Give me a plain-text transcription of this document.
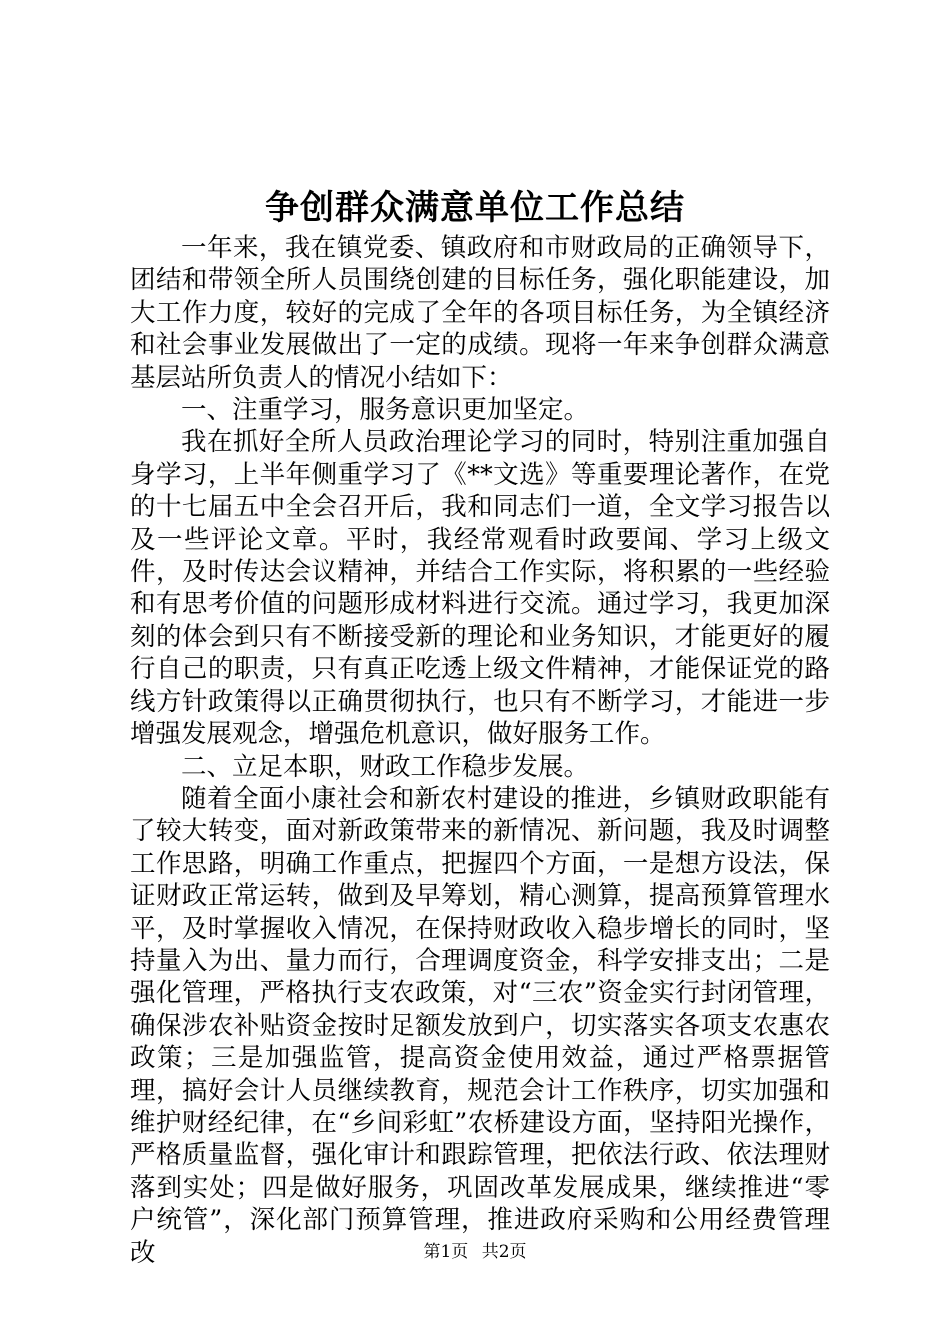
争创群众满意单位工作总结

一年来，我在镇党委、镇政府和市财政局的正确领导下，团结和带领全所人员围绕创建的目标任务，强化职能建设，加大工作力度，较好的完成了全年的各项目标任务，为全镇经济和社会事业发展做出了一定的成绩。现将一年来争创群众满意基层站所负责人的情况小结如下：

一、注重学习，服务意识更加坚定。

我在抓好全所人员政治理论学习的同时，特别注重加强自身学习，上半年侧重学习了《**文选》等重要理论著作，在党的十七届五中全会召开后，我和同志们一道，全文学习报告以及一些评论文章。平时，我经常观看时政要闻、学习上级文件，及时传达会议精神，并结合工作实际，将积累的一些经验和有思考价值的问题形成材料进行交流。通过学习，我更加深刻的体会到只有不断接受新的理论和业务知识，才能更好的履行自己的职责，只有真正吃透上级文件精神，才能保证党的路线方针政策得以正确贯彻执行，也只有不断学习，才能进一步增强发展观念，增强危机意识，做好服务工作。

二、立足本职，财政工作稳步发展。

随着全面小康社会和新农村建设的推进，乡镇财政职能有了较大转变，面对新政策带来的新情况、新问题，我及时调整工作思路，明确工作重点，把握四个方面，一是想方设法，保证财政正常运转，做到及早筹划，精心测算，提高预算管理水平，及时掌握收入情况，在保持财政收入稳步增长的同时，坚持量入为出、量力而行，合理调度资金，科学安排支出；二是强化管理，严格执行支农政策，对“三农”资金实行封闭管理，确保涉农补贴资金按时足额发放到户，切实落实各项支农惠农政策；三是加强监管，提高资金使用效益，通过严格票据管理，搞好会计人员继续教育，规范会计工作秩序，切实加强和维护财经纪律，在“乡间彩虹”农桥建设方面，坚持阳光操作，严格质量监督，强化审计和跟踪管理，把依法行政、依法理财落到实处；四是做好服务，巩固改革发展成果，继续推进“零户统管”，深化部门预算管理，推进政府采购和公用经费管理改	第1页 共2页
